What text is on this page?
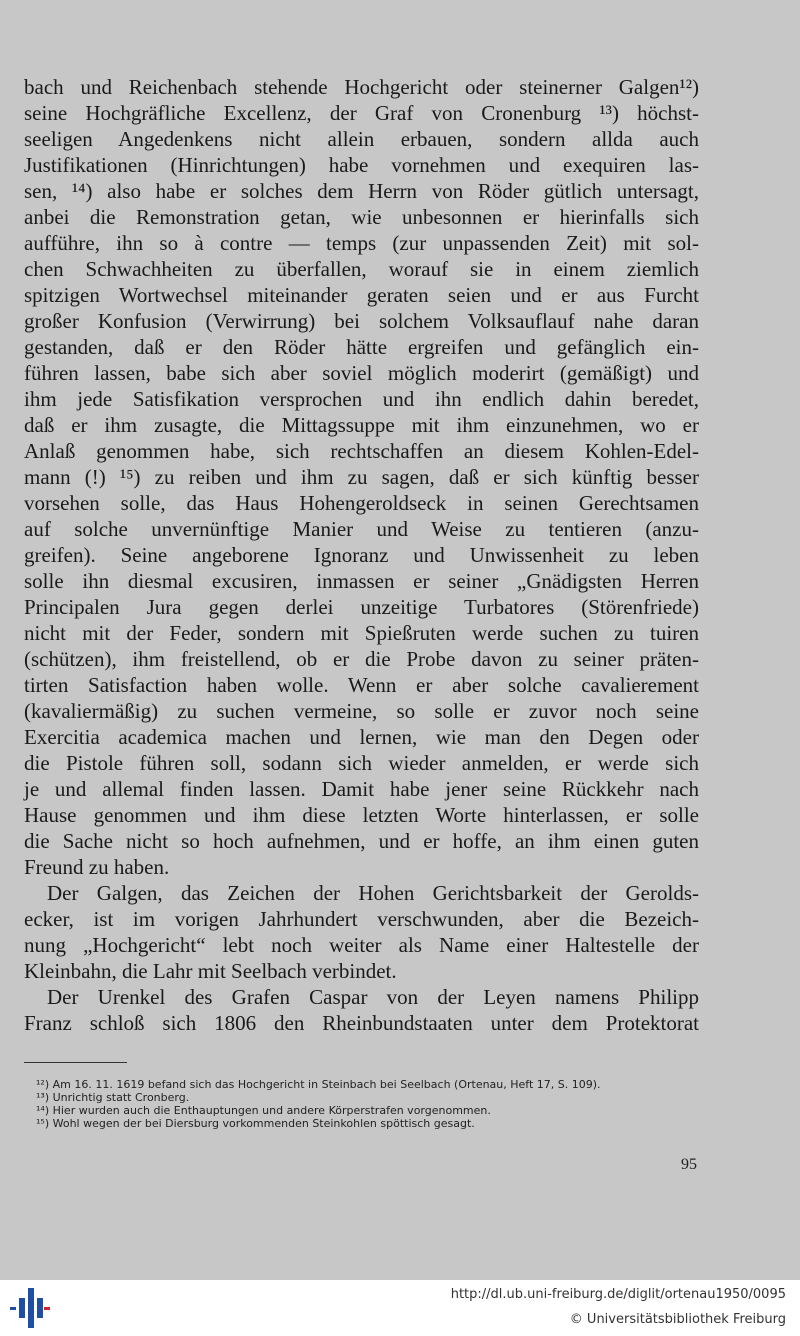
bach und Reichenbach stehende Hochgericht oder steinerner Galgen¹²)
seine Hochgräfliche Excellenz, der Graf von Cronenburg ¹³) höchst-
seeligen Angedenkens nicht allein erbauen, sondern allda auch
Justifikationen (Hinrichtungen) habe vornehmen und exequiren las-
sen, ¹⁴) also habe er solches dem Herrn von Röder gütlich untersagt,
anbei die Remonstration getan, wie unbesonnen er hierinfalls sich
aufführe, ihn so à contre — temps (zur unpassenden Zeit) mit sol-
chen Schwachheiten zu überfallen, worauf sie in einem ziemlich
spitzigen Wortwechsel miteinander geraten seien und er aus Furcht
großer Konfusion (Verwirrung) bei solchem Volksauflauf nahe daran
gestanden, daß er den Röder hätte ergreifen und gefänglich ein-
führen lassen, babe sich aber soviel möglich moderirt (gemäßigt) und
ihm jede Satisfikation versprochen und ihn endlich dahin beredet,
daß er ihm zusagte, die Mittagssuppe mit ihm einzunehmen, wo er
Anlaß genommen habe, sich rechtschaffen an diesem Kohlen-Edel-
mann (!) ¹⁵) zu reiben und ihm zu sagen, daß er sich künftig besser
vorsehen solle, das Haus Hohengeroldseck in seinen Gerechtsamen
auf solche unvernünftige Manier und Weise zu tentieren (anzu-
greifen). Seine angeborene Ignoranz und Unwissenheit zu leben
solle ihn diesmal excusiren, inmassen er seiner „Gnädigsten Herren
Principalen Jura gegen derlei unzeitige Turbatores (Störenfriede)
nicht mit der Feder, sondern mit Spießruten werde suchen zu tuiren
(schützen), ihm freistellend, ob er die Probe davon zu seiner präten-
tirten Satisfaction haben wolle. Wenn er aber solche cavalierement
(kavaliermäßig) zu suchen vermeine, so solle er zuvor noch seine
Exercitia academica machen und lernen, wie man den Degen oder
die Pistole führen soll, sodann sich wieder anmelden, er werde sich
je und allemal finden lassen. Damit habe jener seine Rückkehr nach
Hause genommen und ihm diese letzten Worte hinterlassen, er solle
die Sache nicht so hoch aufnehmen, und er hoffe, an ihm einen guten
Freund zu haben.
Der Galgen, das Zeichen der Hohen Gerichtsbarkeit der Gerolds-
ecker, ist im vorigen Jahrhundert verschwunden, aber die Bezeich-
nung „Hochgericht“ lebt noch weiter als Name einer Haltestelle der
Kleinbahn, die Lahr mit Seelbach verbindet.
Der Urenkel des Grafen Caspar von der Leyen namens Philipp
Franz schloß sich 1806 den Rheinbundstaaten unter dem Protektorat
¹²) Am 16. 11. 1619 befand sich das Hochgericht in Steinbach bei Seelbach (Ortenau, Heft 17, S. 109).
¹³) Unrichtig statt Cronberg.
¹⁴) Hier wurden auch die Enthauptungen und andere Körperstrafen vorgenommen.
¹⁵) Wohl wegen der bei Diersburg vorkommenden Steinkohlen spöttisch gesagt.
95
http://dl.ub.uni-freiburg.de/diglit/ortenau1950/0095
© Universitätsbibliothek Freiburg
